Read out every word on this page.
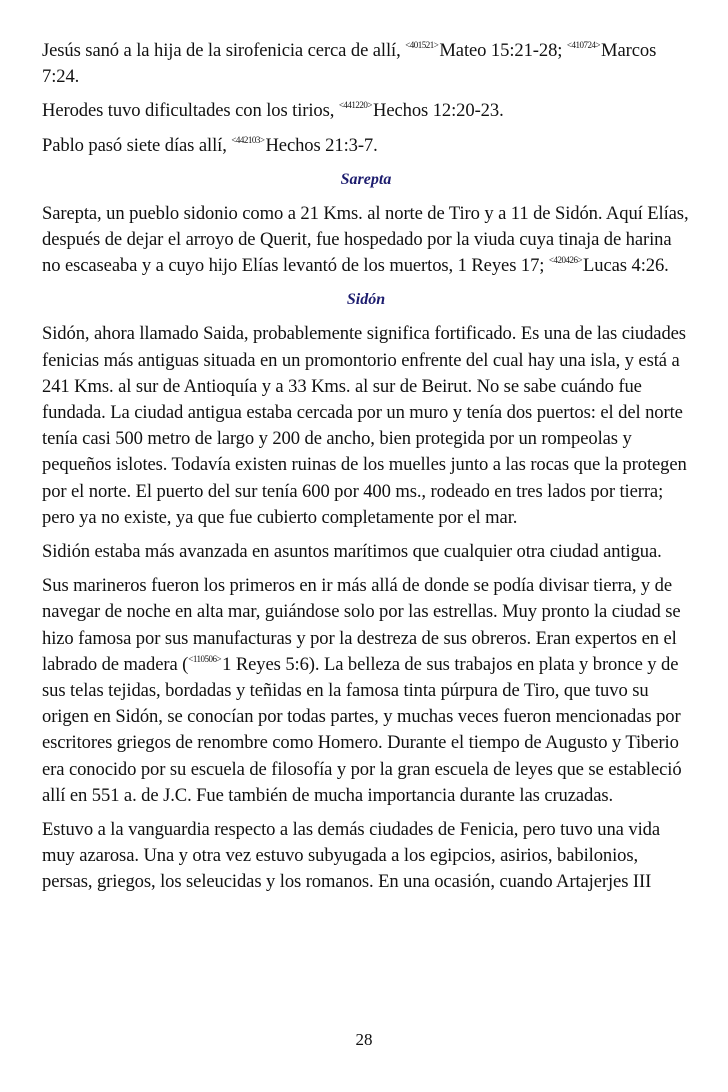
Jesús sanó a la hija de la sirofenicia cerca de allí, $^{<401521>}$Mateo 15:21-28; $^{<410724>}$Marcos 7:24.

Herodes tuvo dificultades con los tirios, $^{<441220>}$Hechos 12:20-23.

Pablo pasó siete días allí, $^{<442103>}$Hechos 21:3-7.

Sarepta

Sarepta, un pueblo sidonio como a 21 Kms. al norte de Tiro y a 11 de Sidón. Aquí Elías, después de dejar el arroyo de Querit, fue hospedado por la viuda cuya tinaja de harina no escaseaba y a cuyo hijo Elías levantó de los muertos, 1 Reyes 17; $^{<420426>}$Lucas 4:26.

Sidón

Sidón, ahora llamado Saida, probablemente significa fortificado. Es una de las ciudades fenicias más antiguas situada en un promontorio enfrente del cual hay una isla, y está a 241 Kms. al sur de Antioquía y a 33 Kms. al sur de Beirut. No se sabe cuándo fue fundada. La ciudad antigua estaba cercada por un muro y tenía dos puertos: el del norte tenía casi 500 metro de largo y 200 de ancho, bien protegida por un rompeolas y pequeños islotes. Todavía existen ruinas de los muelles junto a las rocas que la protegen por el norte. El puerto del sur tenía 600 por 400 ms., rodeado en tres lados por tierra; pero ya no existe, ya que fue cubierto completamente por el mar.

Sidión estaba más avanzada en asuntos marítimos que cualquier otra ciudad antigua.

Sus marineros fueron los primeros en ir más allá de donde se podía divisar tierra, y de navegar de noche en alta mar, guiándose solo por las estrellas. Muy pronto la ciudad se hizo famosa por sus manufacturas y por la destreza de sus obreros. Eran expertos en el labrado de madera ($^{<110506>}$1 Reyes 5:6). La belleza de sus trabajos en plata y bronce y de sus telas tejidas, bordadas y teñidas en la famosa tinta púrpura de Tiro, que tuvo su origen en Sidón, se conocían por todas partes, y muchas veces fueron mencionadas por escritores griegos de renombre como Homero. Durante el tiempo de Augusto y Tiberio era conocido por su escuela de filosofía y por la gran escuela de leyes que se estableció allí en 551 a. de J.C. Fue también de mucha importancia durante las cruzadas.

Estuvo a la vanguardia respecto a las demás ciudades de Fenicia, pero tuvo una vida muy azarosa. Una y otra vez estuvo subyugada a los egipcios, asirios, babilonios, persas, griegos, los seleucidas y los romanos. En una ocasión, cuando Artajerjes III

28
